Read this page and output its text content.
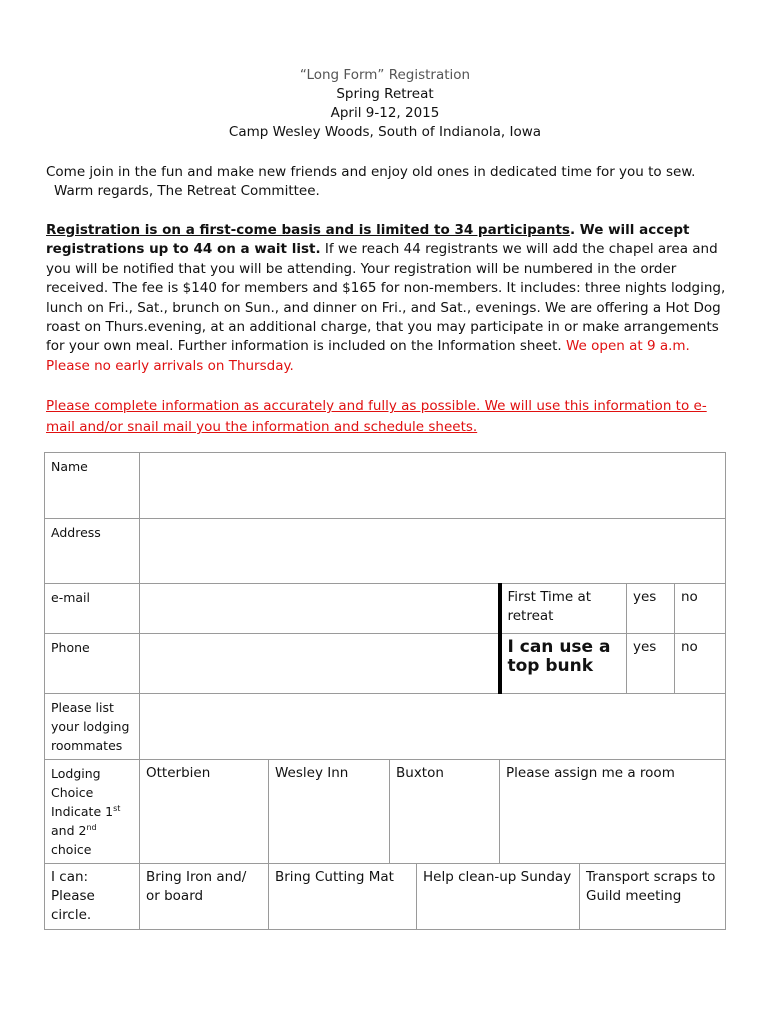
“Long Form” Registration
Spring Retreat
April 9-12, 2015
Camp Wesley Woods, South of Indianola, Iowa
Come join in the fun and make new friends and enjoy old ones in dedicated time for you to sew.
Warm regards, The Retreat Committee.
Registration is on a first-come basis and is limited to 34 participants. We will accept registrations up to 44 on a wait list. If we reach 44 registrants we will add the chapel area and you will be notified that you will be attending. Your registration will be numbered in the order received. The fee is $140 for members and $165 for non-members. It includes: three nights lodging, lunch on Fri., Sat., brunch on Sun., and dinner on Fri., and Sat., evenings. We are offering a Hot Dog roast on Thurs.evening, at an additional charge, that you may participate in or make arrangements for your own meal. Further information is included on the Information sheet. We open at 9 a.m. Please no early arrivals on Thursday.
Please complete information as accurately and fully as possible. We will use this information to e-mail and/or snail mail you the information and schedule sheets.
Name								
Address								
e-mail					First Time at retreat		yes	no
Phone					I can use a top bunk		yes	no
Please list your lodging roommates								
Lodging Choice
Indicate 1st
and 2nd choice	Otterbien	Wesley Inn	Buxton		Please assign me a room			
I can: Please circle.	Bring Iron and/ or board	Bring Cutting Mat		Help clean-up Sunday		Transport scraps to Guild meeting		
